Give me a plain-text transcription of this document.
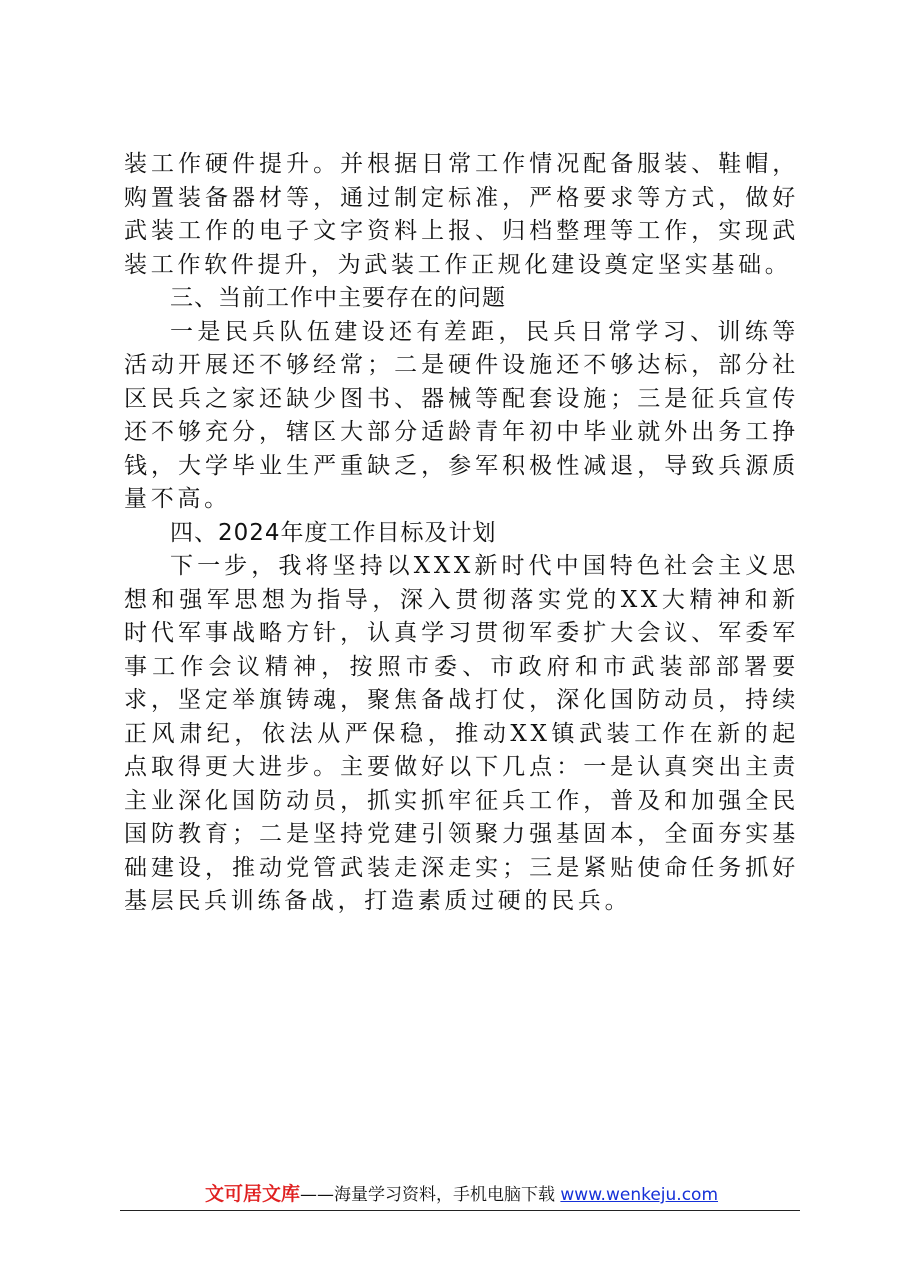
装工作硬件提升。并根据日常工作情况配备服装、鞋帽，购置装备器材等，通过制定标准，严格要求等方式，做好武装工作的电子文字资料上报、归档整理等工作，实现武装工作软件提升，为武装工作正规化建设奠定坚实基础。

三、当前工作中主要存在的问题

一是民兵队伍建设还有差距，民兵日常学习、训练等活动开展还不够经常；二是硬件设施还不够达标，部分社区民兵之家还缺少图书、器械等配套设施；三是征兵宣传还不够充分，辖区大部分适龄青年初中毕业就外出务工挣钱，大学毕业生严重缺乏，参军积极性减退，导致兵源质量不高。

四、2024年度工作目标及计划

下一步，我将坚持以XXX新时代中国特色社会主义思想和强军思想为指导，深入贯彻落实党的XX大精神和新时代军事战略方针，认真学习贯彻军委扩大会议、军委军事工作会议精神，按照市委、市政府和市武装部部署要求，坚定举旗铸魂，聚焦备战打仗，深化国防动员，持续正风肃纪，依法从严保稳，推动XX镇武装工作在新的起点取得更大进步。主要做好以下几点：一是认真突出主责主业深化国防动员，抓实抓牢征兵工作，普及和加强全民国防教育；二是坚持党建引领聚力强基固本，全面夯实基础建设，推动党管武装走深走实；三是紧贴使命任务抓好基层民兵训练备战，打造素质过硬的民兵。

文可居文库——海量学习资料，手机电脑下载 www.wenkeju.com
